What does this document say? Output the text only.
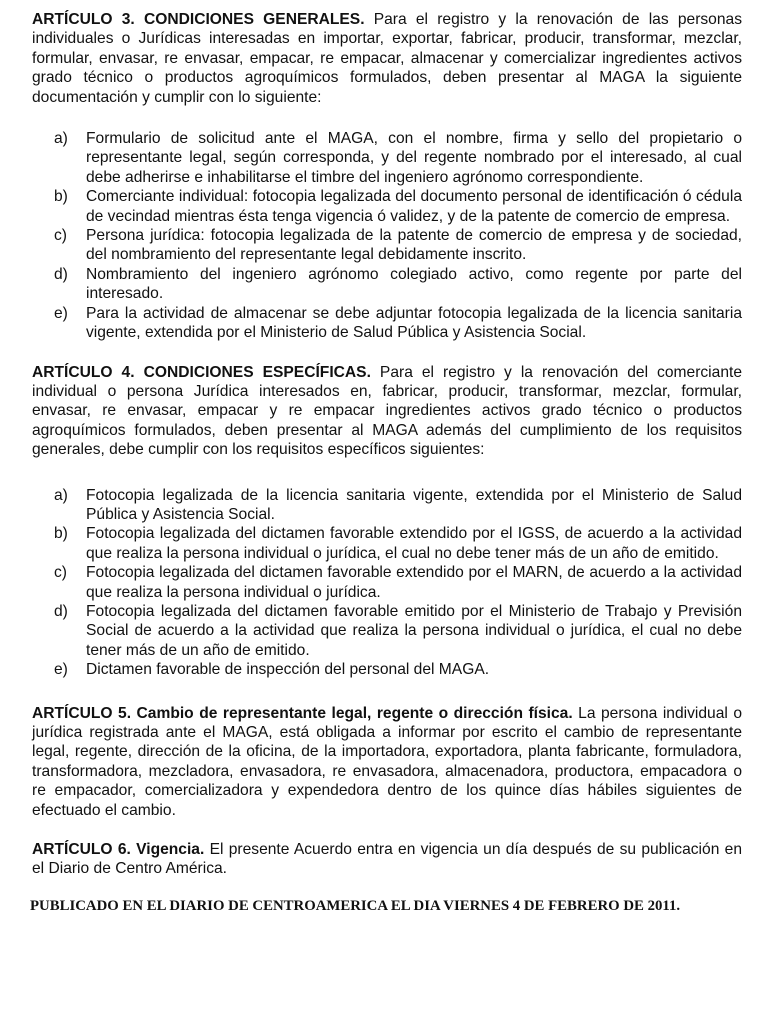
ARTÍCULO 3. CONDICIONES GENERALES. Para el registro y la renovación de las personas individuales o Jurídicas interesadas en importar, exportar, fabricar, producir, transformar, mezclar, formular, envasar, re envasar, empacar, re empacar, almacenar y comercializar ingredientes activos grado técnico o productos agroquímicos formulados, deben presentar al MAGA la siguiente documentación y cumplir con lo siguiente:

a) Formulario de solicitud ante el MAGA, con el nombre, firma y sello del propietario o representante legal, según corresponda, y del regente nombrado por el interesado, al cual debe adherirse e inhabilitarse el timbre del ingeniero agrónomo correspondiente.
b) Comerciante individual: fotocopia legalizada del documento personal de identificación ó cédula de vecindad mientras ésta tenga vigencia ó validez, y de la patente de comercio de empresa.
c) Persona jurídica: fotocopia legalizada de la patente de comercio de empresa y de sociedad, del nombramiento del representante legal debidamente inscrito.
d) Nombramiento del ingeniero agrónomo colegiado activo, como regente por parte del interesado.
e) Para la actividad de almacenar se debe adjuntar fotocopia legalizada de la licencia sanitaria vigente, extendida por el Ministerio de Salud Pública y Asistencia Social.

ARTÍCULO 4. CONDICIONES ESPECÍFICAS. Para el registro y la renovación del comerciante individual o persona Jurídica interesados en, fabricar, producir, transformar, mezclar, formular, envasar, re envasar, empacar y re empacar ingredientes activos grado técnico o productos agroquímicos formulados, deben presentar al MAGA además del cumplimiento de los requisitos generales, debe cumplir con los requisitos específicos siguientes:

a) Fotocopia legalizada de la licencia sanitaria vigente, extendida por el Ministerio de Salud Pública y Asistencia Social.
b) Fotocopia legalizada del dictamen favorable extendido por el IGSS, de acuerdo a la actividad que realiza la persona individual o jurídica, el cual no debe tener más de un año de emitido.
c) Fotocopia legalizada del dictamen favorable extendido por el MARN, de acuerdo a la actividad que realiza la persona individual o jurídica.
d) Fotocopia legalizada del dictamen favorable emitido por el Ministerio de Trabajo y Previsión Social de acuerdo a la actividad que realiza la persona individual o jurídica, el cual no debe tener más de un año de emitido.
e) Dictamen favorable de inspección del personal del MAGA.

ARTÍCULO 5. Cambio de representante legal, regente o dirección física. La persona individual o jurídica registrada ante el MAGA, está obligada a informar por escrito el cambio de representante legal, regente, dirección de la oficina, de la importadora, exportadora, planta fabricante, formuladora, transformadora, mezcladora, envasadora, re envasadora, almacenadora, productora, empacadora o re empacador, comercializadora y expendedora dentro de los quince días hábiles siguientes de efectuado el cambio.

ARTÍCULO 6. Vigencia. El presente Acuerdo entra en vigencia un día después de su publicación en el Diario de Centro América.

PUBLICADO EN EL DIARIO DE CENTROAMERICA EL DIA VIERNES 4 DE FEBRERO DE 2011.
